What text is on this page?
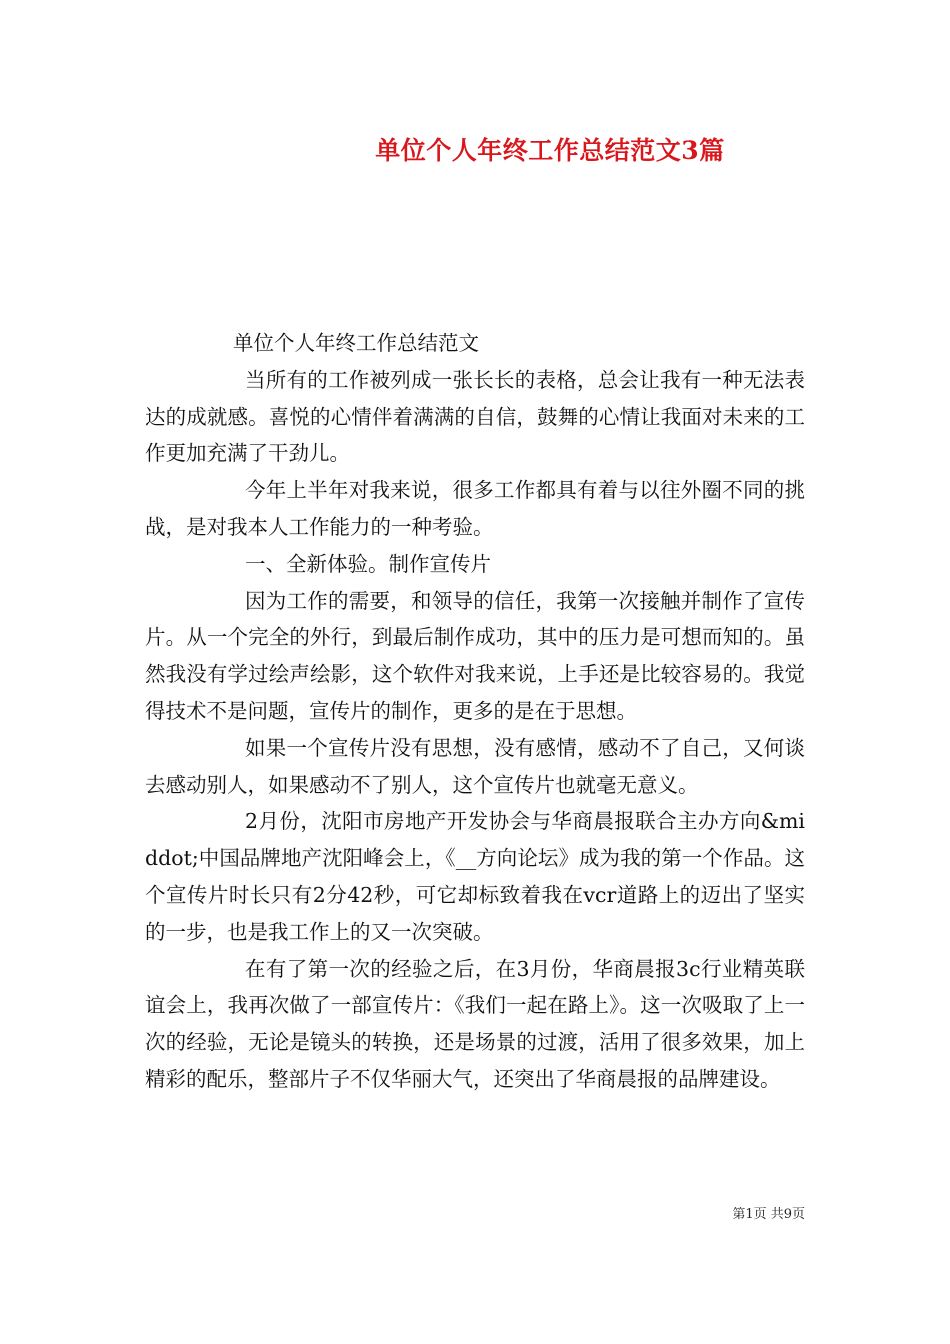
单位个人年终工作总结范文3篇

单位个人年终工作总结范文

当所有的工作被列成一张长长的表格，总会让我有一种无法表达的成就感。喜悦的心情伴着满满的自信，鼓舞的心情让我面对未来的工作更加充满了干劲儿。

今年上半年对我来说，很多工作都具有着与以往外圈不同的挑战，是对我本人工作能力的一种考验。

一、全新体验。制作宣传片

因为工作的需要，和领导的信任，我第一次接触并制作了宣传片。从一个完全的外行，到最后制作成功，其中的压力是可想而知的。虽然我没有学过绘声绘影，这个软件对我来说，上手还是比较容易的。我觉得技术不是问题，宣传片的制作，更多的是在于思想。

如果一个宣传片没有思想，没有感情，感动不了自己，又何谈去感动别人，如果感动不了别人，这个宣传片也就毫无意义。

2月份，沈阳市房地产开发协会与华商晨报联合主办方向&middot;中国品牌地产沈阳峰会上，《__方向论坛》成为我的第一个作品。这个宣传片时长只有2分42秒，可它却标致着我在vcr道路上的迈出了坚实的一步，也是我工作上的又一次突破。

在有了第一次的经验之后，在3月份，华商晨报3c行业精英联谊会上，我再次做了一部宣传片：《我们一起在路上》。这一次吸取了上一次的经验，无论是镜头的转换，还是场景的过渡，活用了很多效果，加上精彩的配乐，整部片子不仅华丽大气，还突出了华商晨报的品牌建设。

第1页 共9页
